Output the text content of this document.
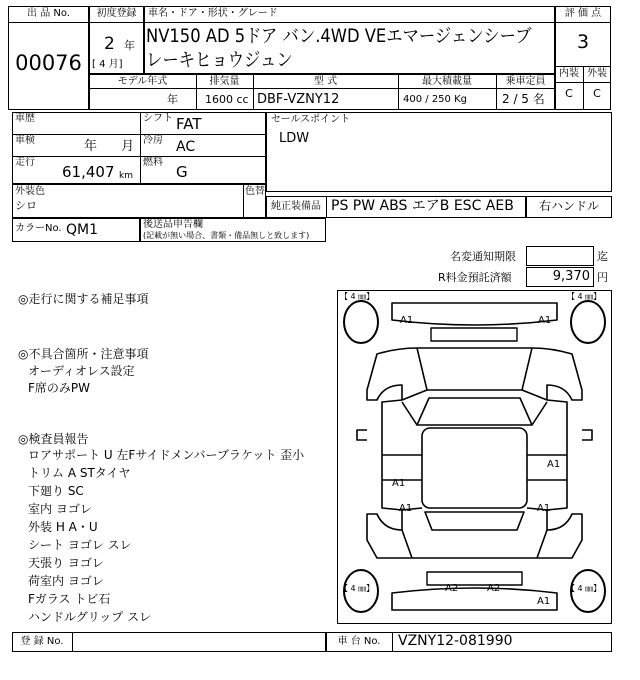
出 品 No.
00076
初度登録
2 年
[ 4 月]
車名・ドア・形状・グレード
NV150 AD 5ドア バン.4WD VEエマージェンシーブ
レーキヒョウジュン
評 価 点
3
内装 外装
C	C
モデル年式	排気量	型 式	最大積載量	乗車定員
年 1600 cc DBF-VZNY12	400 / 250 Kg	2 / 5 名
車歴	シフト FAT
車検	年 月 冷房 AC
走行
61,407 km
燃料
G
セールスポイント
LDW
外装色
シロ
色替
純正装備品 PS PW ABS エアB ESC AEB	右ハンドル
カラーNo. QM1	後送品申告欄
(記載が無い場合、書類・備品無しと致します)
名変通知期限	迄
R料金預託済額	9,370 円
◎走行に関する補足事項
◎不具合箇所・注意事項
オーディオレス設定
F席のみPW
◎検査員報告
ロアサポート U 左Fサイドメンバーブラケット 歪小
トリム A STタイヤ
下廻り SC
室内 ヨゴレ
外装 H A・U
シート ヨゴレ スレ
天張り ヨゴレ
荷室内 ヨゴレ
Fガラス トビ石
ハンドルグリップ スレ
【 4 ㎜】	【 4 ㎜】
【 4 ㎜】	【 4 ㎜】
A1	A1
A1
A1
A1	A1
A2	A2
A1
登 録 No.	車 台 No.	VZNY12-081990
